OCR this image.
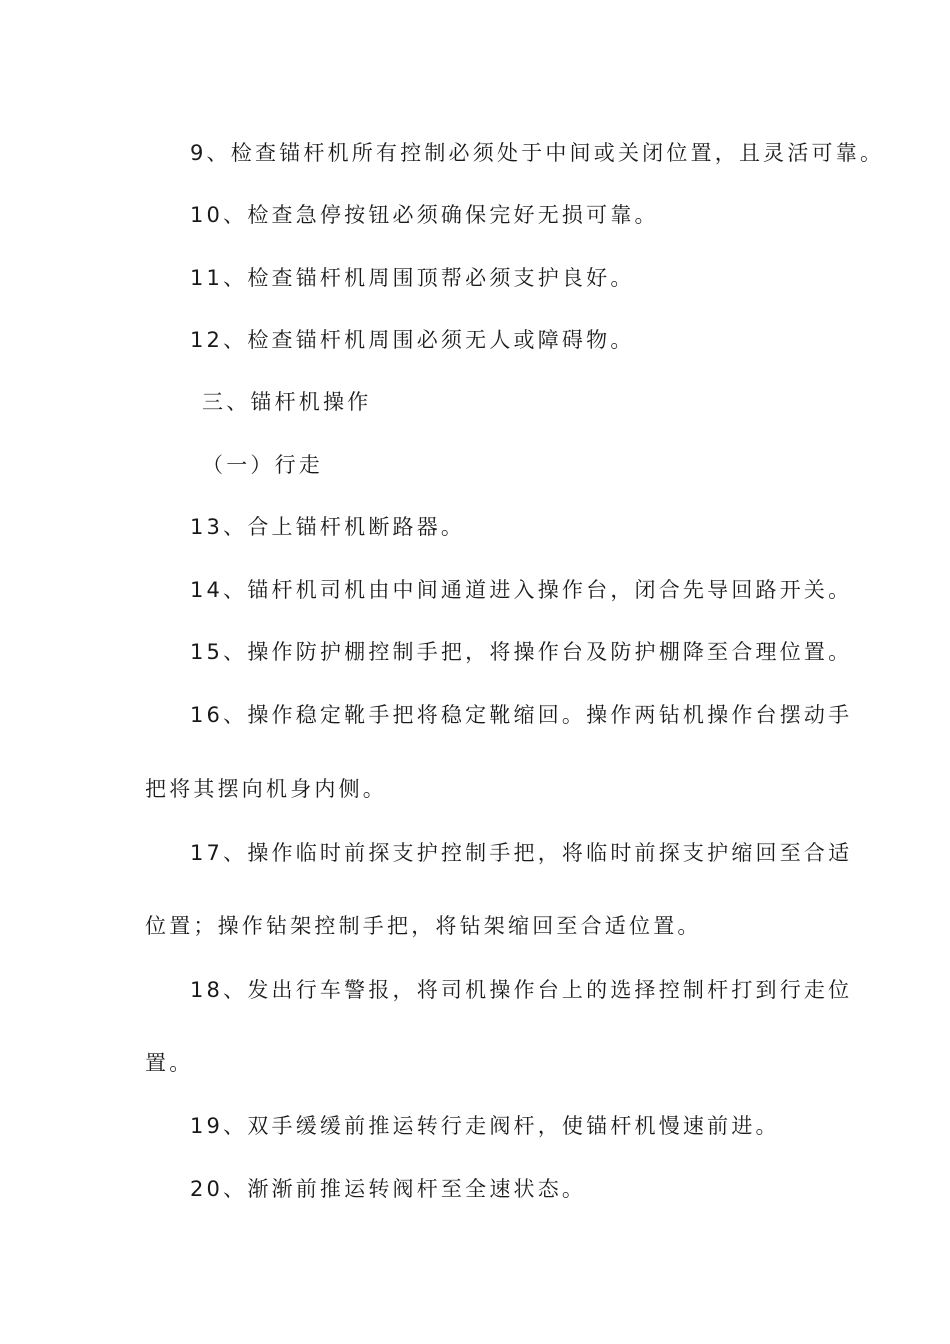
9、检查锚杆机所有控制必须处于中间或关闭位置，且灵活可靠。
10、检查急停按钮必须确保完好无损可靠。
11、检查锚杆机周围顶帮必须支护良好。
12、检查锚杆机周围必须无人或障碍物。
三、锚杆机操作
（一）行走
13、合上锚杆机断路器。
14、锚杆机司机由中间通道进入操作台，闭合先导回路开关。
15、操作防护棚控制手把，将操作台及防护棚降至合理位置。
16、操作稳定靴手把将稳定靴缩回。操作两钻机操作台摆动手
把将其摆向机身内侧。
17、操作临时前探支护控制手把，将临时前探支护缩回至合适
位置；操作钻架控制手把，将钻架缩回至合适位置。
18、发出行车警报，将司机操作台上的选择控制杆打到行走位
置。
19、双手缓缓前推运转行走阀杆，使锚杆机慢速前进。
20、渐渐前推运转阀杆至全速状态。
